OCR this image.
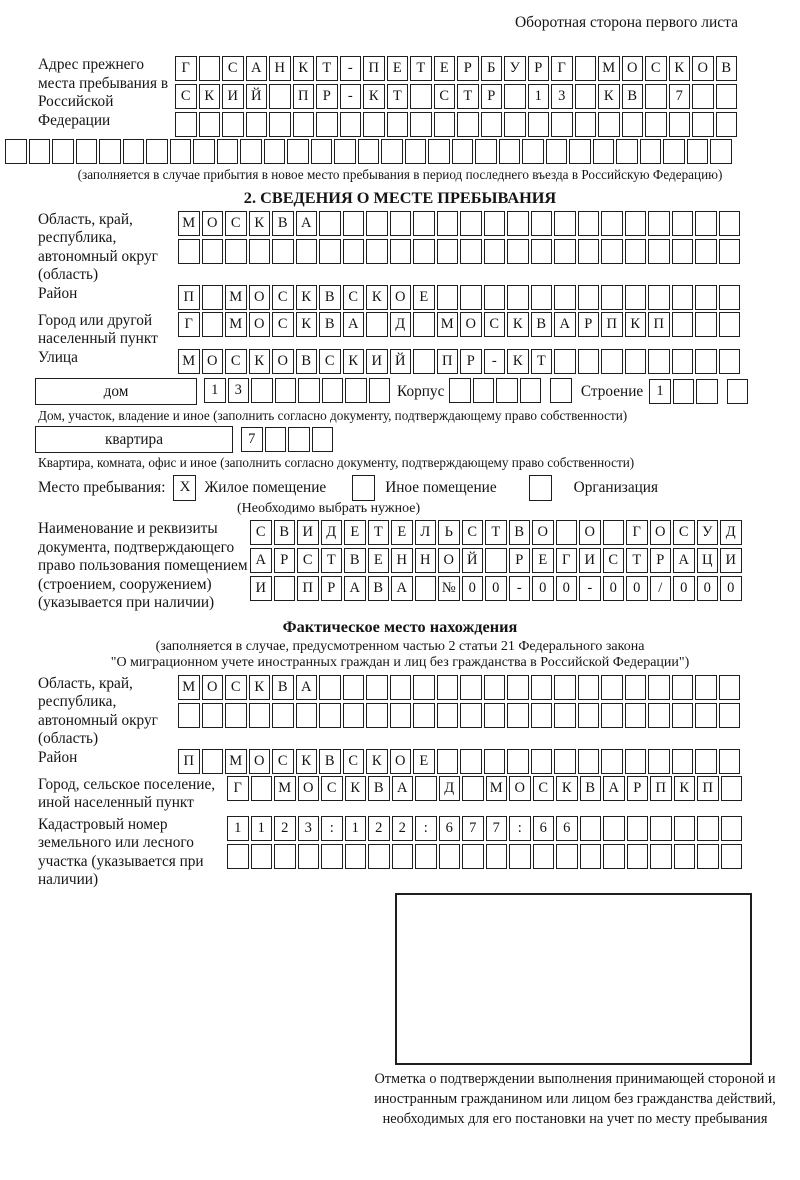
Оборотная сторона первого листа
Адрес прежнего места пребывания в Российской Федерации
Г	С А Н К Т	-	П Е	Т	Е	Р	Б У Р	Г	М О С К О В
С К И Й	П Р	-	К Т	С Т	Р	1	3	К В	7
(заполняется в случае прибытия в новое место пребывания в период последнего въезда в Российскую Федерацию)
2. СВЕДЕНИЯ О МЕСТЕ ПРЕБЫВАНИЯ
Область, край, республика, автономный округ (область)
М О С К В А
Район	П	М О С К В С К О Е
Город или другой населенный пункт
Г	М О С К В А	Д	М О С К В А Р П К П
Улица	М О С К О В С К И Й	П Р	-	К Т
дом	1	3	Корпус	Строение 1
Дом, участок, владение и иное (заполнить согласно документу, подтверждающему право собственности)
квартира	7
Квартира, комната, офис и иное (заполнить согласно документу, подтверждающему право собственности)
Место пребывания: X Жилое помещение	Иное помещение	Организация
(Необходимо выбрать нужное)
Наименование и реквизиты документа, подтверждающего право пользования помещением (строением, сооружением) (указывается при наличии)
С В И Д Е	Т	Е Л Ь	С Т В О	О	Г О С У Д
А Р	С Т В Е Н Н О Й	Р	Е	Г И С Т	Р А Ц И
И	П Р А В А	№ 0	0	-	0	0	-	0	0	/	0	0	0
Фактическое место нахождения
(заполняется в случае, предусмотренном частью 2 статьи 21 Федерального закона
"О миграционном учете иностранных граждан и лиц без гражданства в Российской Федерации")
Область, край, республика, автономный округ (область)
М О С К В А
Район	П	М О С К В С К О Е
Город, сельское поселение, иной населенный пункт
Г	М О С К В А	Д	М О С К В А Р П К П
Кадастровый номер земельного или лесного участка (указывается при наличии)
1	1	2	3	:	1	2	2	:	6	7	7	:	6	6
Отметка о подтверждении выполнения принимающей стороной и иностранным гражданином или лицом без гражданства действий, необходимых для его постановки на учет по месту пребывания
